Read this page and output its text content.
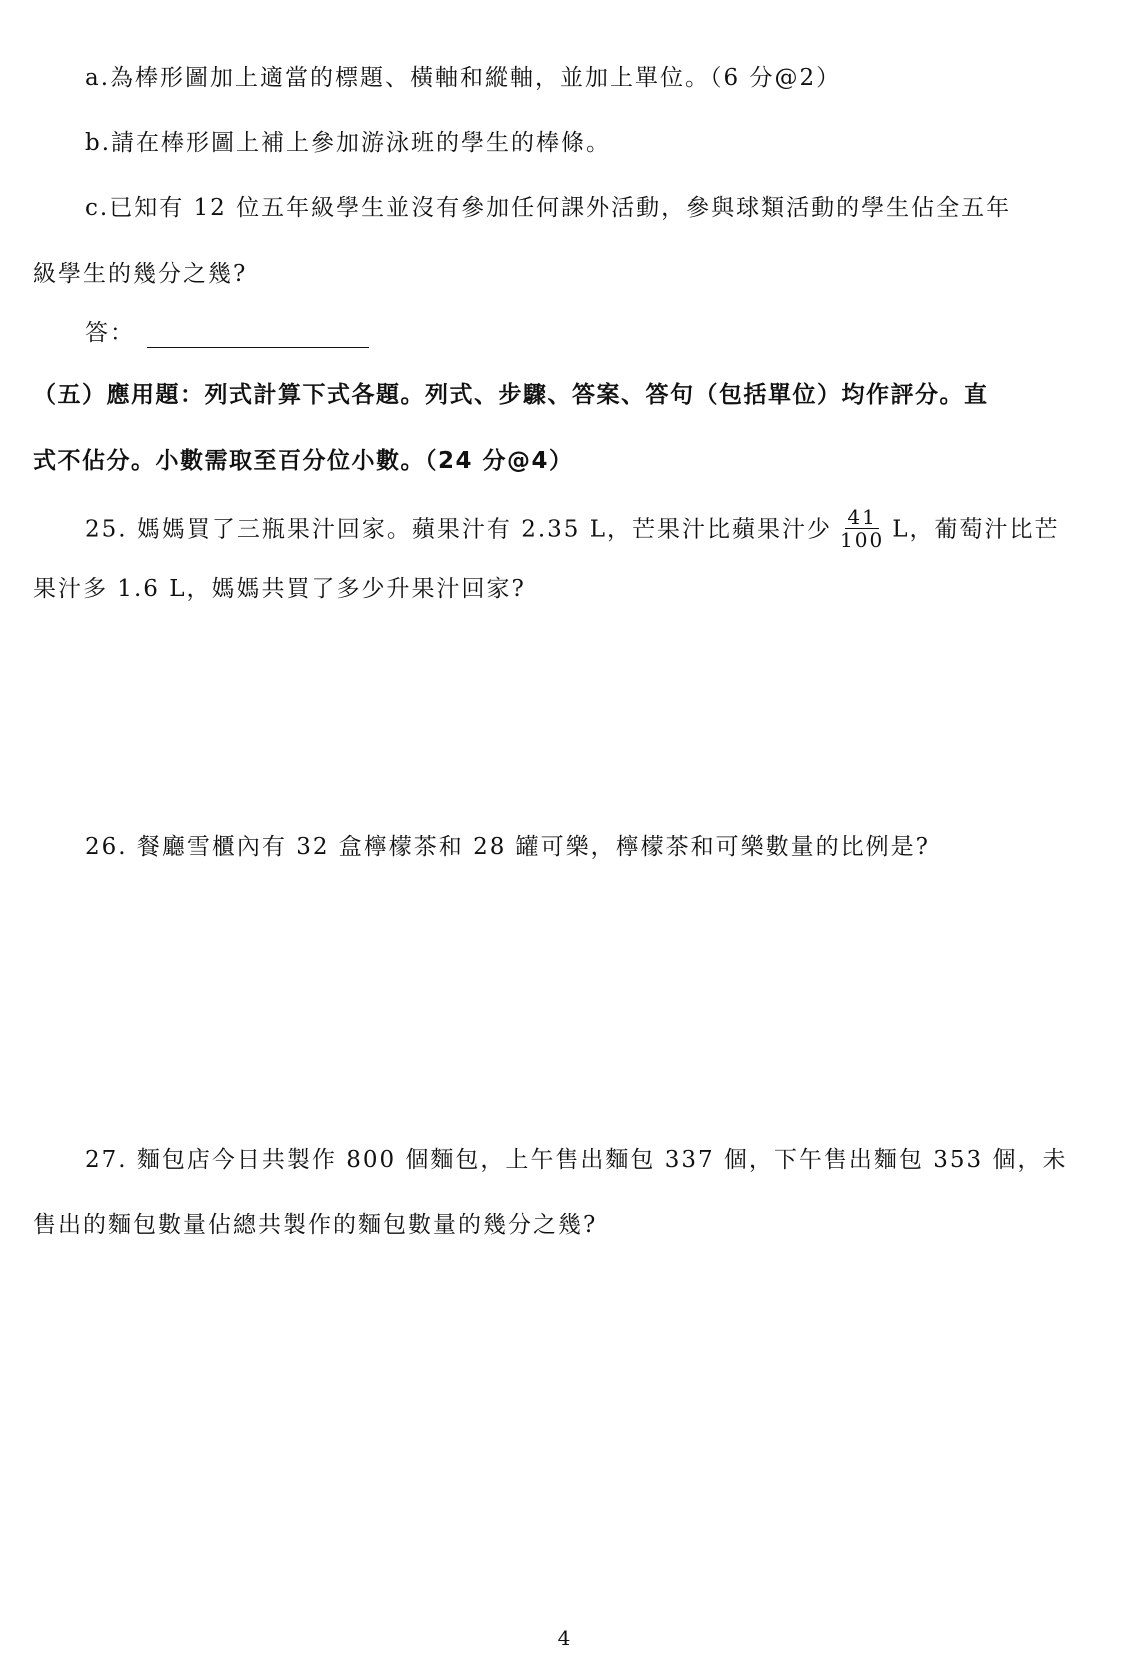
a.為棒形圖加上適當的標題、橫軸和縱軸，並加上單位。（6 分@2）
b.請在棒形圖上補上參加游泳班的學生的棒條。
c.已知有 12 位五年級學生並沒有參加任何課外活動，參與球類活動的學生佔全五年
級學生的幾分之幾?
答：
（五）應用題：列式計算下式各題。列式、步驟、答案、答句（包括單位）均作評分。直
式不佔分。小數需取至百分位小數。（24 分@4）
25. 媽媽買了三瓶果汁回家。蘋果汁有 2.35 L，芒果汁比蘋果汁少 $\frac{41}{100}$ L，葡萄汁比芒
果汁多 1.6 L，媽媽共買了多少升果汁回家?
26. 餐廳雪櫃內有 32 盒檸檬茶和 28 罐可樂，檸檬茶和可樂數量的比例是?
27. 麵包店今日共製作 800 個麵包，上午售出麵包 337 個，下午售出麵包 353 個，未
售出的麵包數量佔總共製作的麵包數量的幾分之幾?
4
